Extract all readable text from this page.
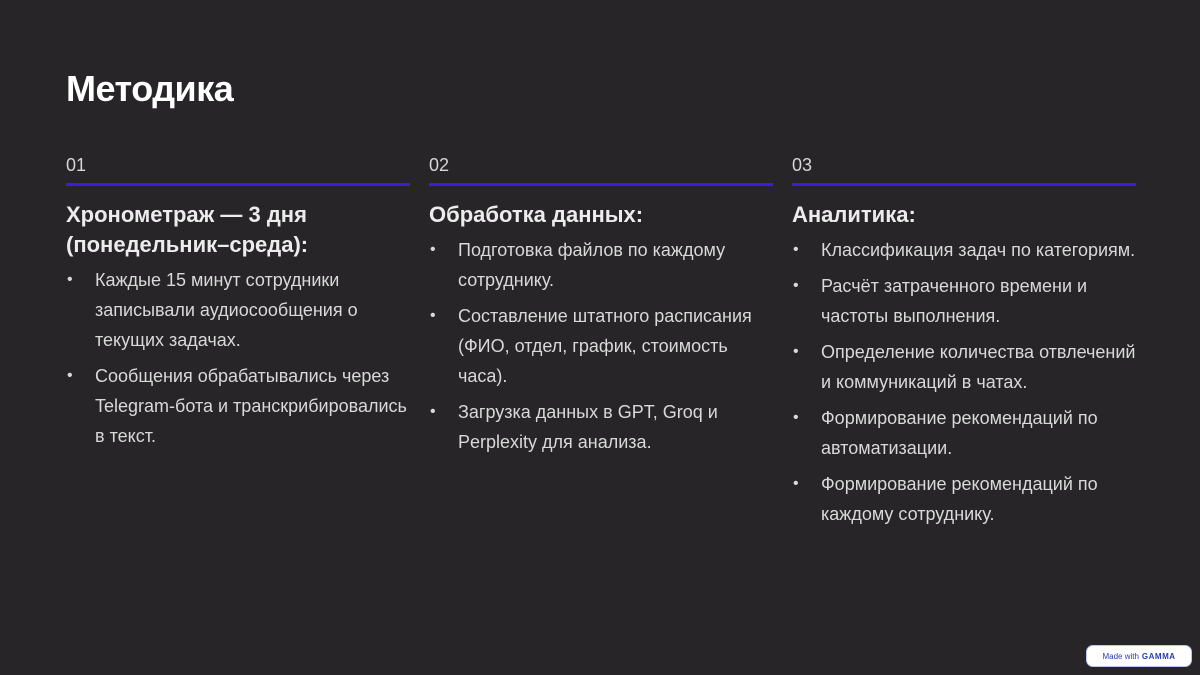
Методика
01
Хронометраж — 3 дня (понедельник–среда):
• Каждые 15 минут сотрудники записывали аудиосообщения о текущих задачах.
• Сообщения обрабатывались через Telegram-бота и транскрибировались в текст.
02
Обработка данных:
• Подготовка файлов по каждому сотруднику.
• Составление штатного расписания (ФИО, отдел, график, стоимость часа).
• Загрузка данных в GPT, Groq и Perplexity для анализа.
03
Аналитика:
• Классификация задач по категориям.
• Расчёт затраченного времени и частоты выполнения.
• Определение количества отвлечений и коммуникаций в чатах.
• Формирование рекомендаций по автоматизации.
• Формирование рекомендаций по каждому сотруднику.
Made with GAMMA
